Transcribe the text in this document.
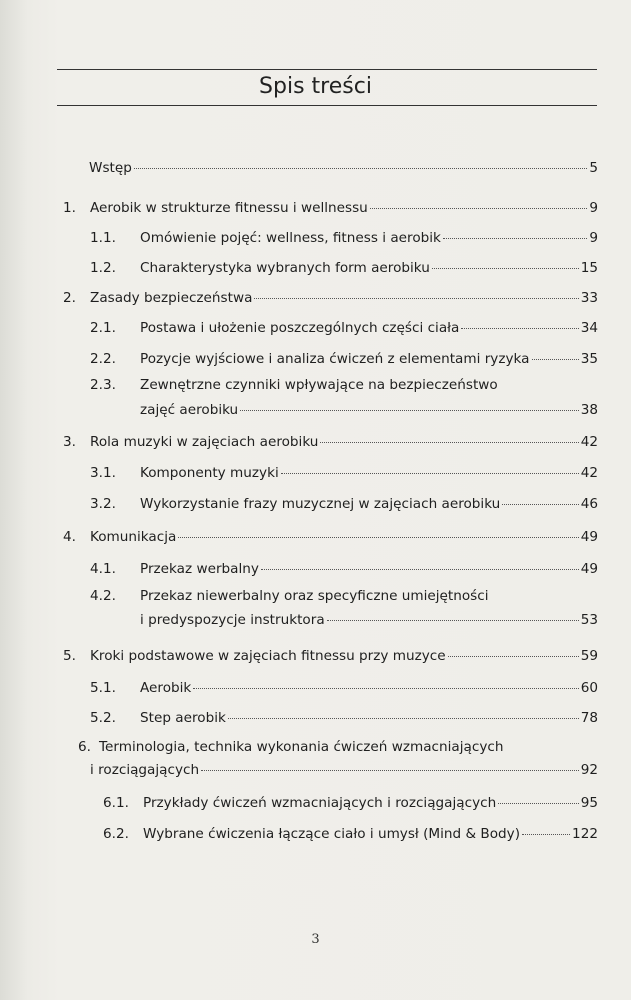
Spis treści
Wstęp	5
1. Aerobik w strukturze fitnessu i wellnessu	9
1.1. Omówienie pojęć: wellness, fitness i aerobik	9
1.2. Charakterystyka wybranych form aerobiku	15
2. Zasady bezpieczeństwa	33
2.1. Postawa i ułożenie poszczególnych części ciała	34
2.2. Pozycje wyjściowe i analiza ćwiczeń z elementami ryzyka	35
2.3. Zewnętrzne czynniki wpływające na bezpieczeństwo
zajęć aerobiku	38
3. Rola muzyki w zajęciach aerobiku	42
3.1. Komponenty muzyki	42
3.2. Wykorzystanie frazy muzycznej w zajęciach aerobiku	46
4. Komunikacja	49
4.1. Przekaz werbalny	49
4.2. Przekaz niewerbalny oraz specyficzne umiejętności
i predyspozycje instruktora	53
5. Kroki podstawowe w zajęciach fitnessu przy muzyce	59
5.1. Aerobik	60
5.2. Step aerobik	78
6. Terminologia, technika wykonania ćwiczeń wzmacniających
i rozciągających	92
6.1. Przykłady ćwiczeń wzmacniających i rozciągających	95
6.2. Wybrane ćwiczenia łączące ciało i umysł (Mind & Body)	122
3
